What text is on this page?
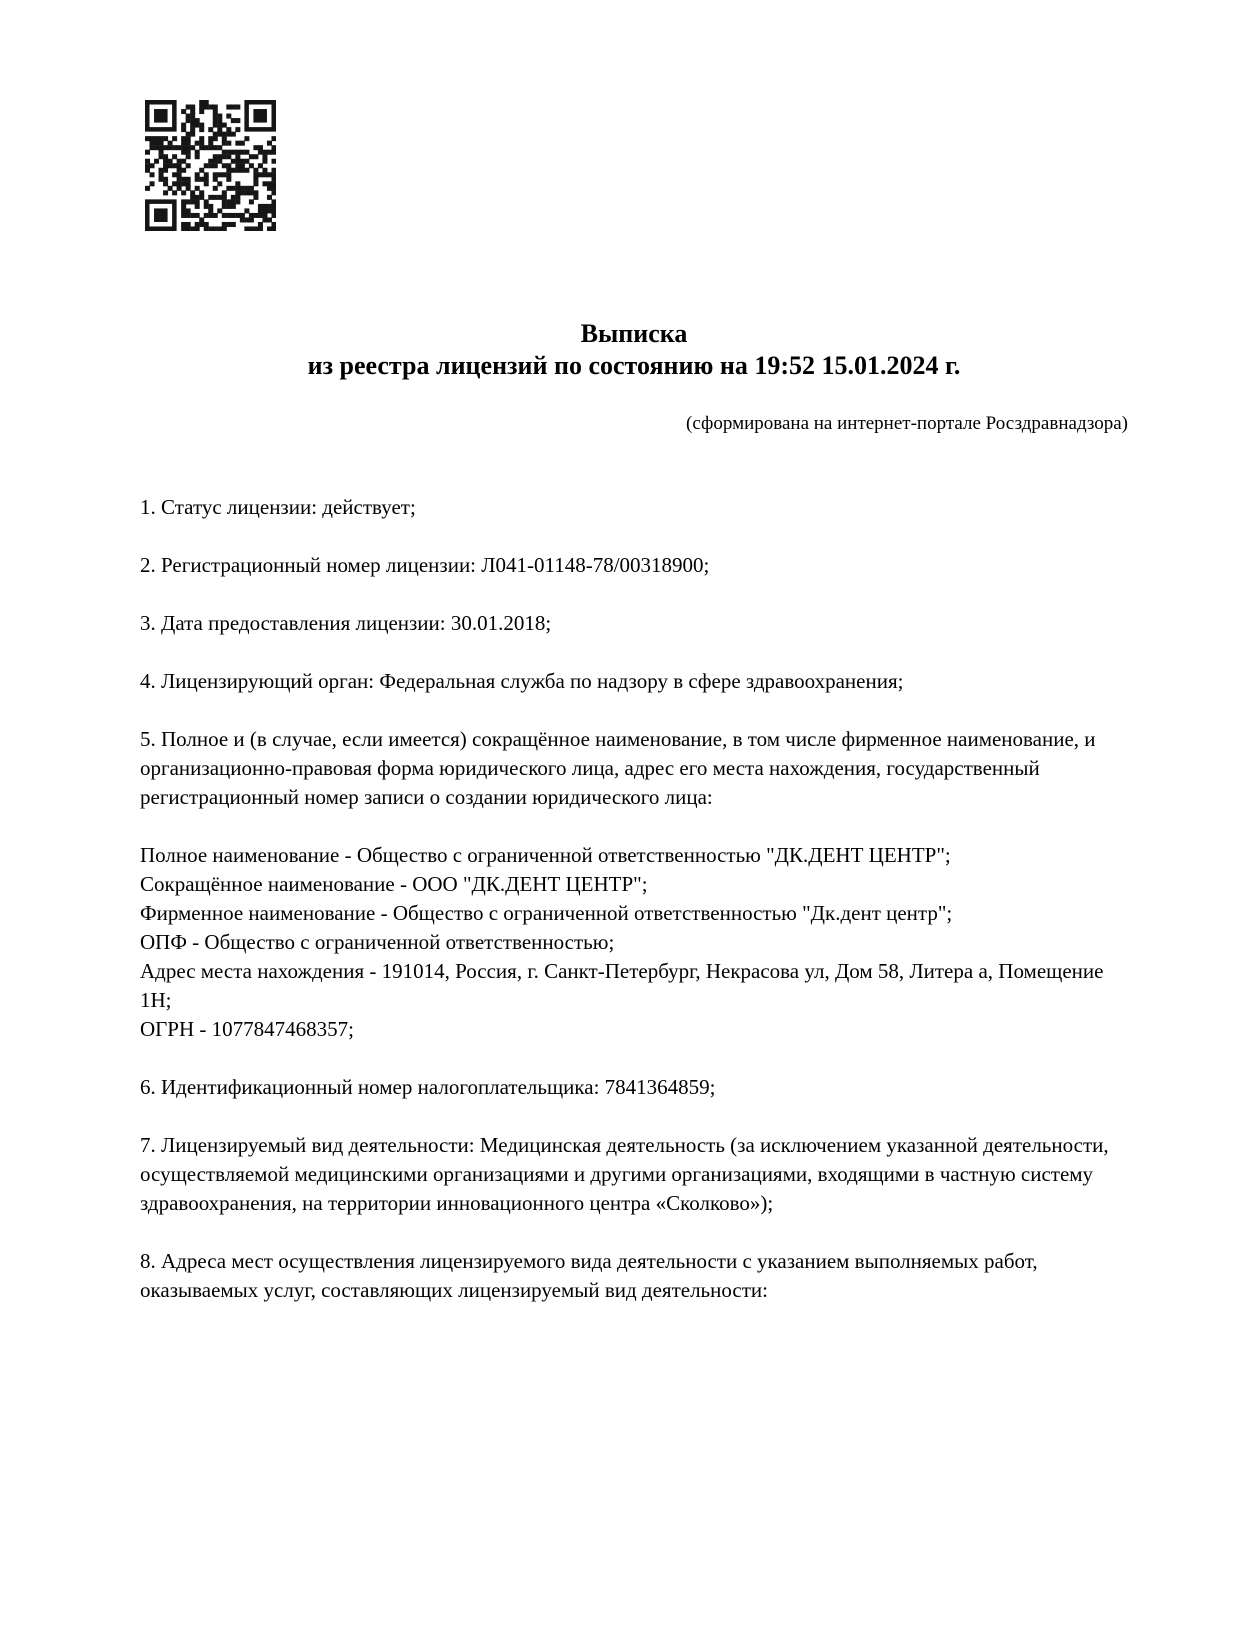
Выписка
из реестра лицензий по состоянию на 19:52 15.01.2024 г.
(сформирована на интернет-портале Росздравнадзора)

1. Статус лицензии: действует;

2. Регистрационный номер лицензии: Л041-01148-78/00318900;

3. Дата предоставления лицензии: 30.01.2018;

4. Лицензирующий орган: Федеральная служба по надзору в сфере здравоохранения;

5. Полное и (в случае, если имеется) сокращённое наименование, в том числе фирменное наименование, и организационно-правовая форма юридического лица, адрес его места нахождения, государственный регистрационный номер записи о создании юридического лица:

Полное наименование - Общество с ограниченной ответственностью "ДК.ДЕНТ ЦЕНТР";
Сокращённое наименование - ООО "ДК.ДЕНТ ЦЕНТР";
Фирменное наименование - Общество с ограниченной ответственностью "Дк.дент центр";
ОПФ - Общество с ограниченной ответственностью;
Адрес места нахождения - 191014, Россия, г. Санкт-Петербург, Некрасова ул, Дом 58, Литера а, Помещение 1Н;
ОГРН - 1077847468357;

6. Идентификационный номер налогоплательщика: 7841364859;

7. Лицензируемый вид деятельности: Медицинская деятельность (за исключением указанной деятельности, осуществляемой медицинскими организациями и другими организациями, входящими в частную систему здравоохранения, на территории инновационного центра «Сколково»);

8. Адреса мест осуществления лицензируемого вида деятельности с указанием выполняемых работ, оказываемых услуг, составляющих лицензируемый вид деятельности:
